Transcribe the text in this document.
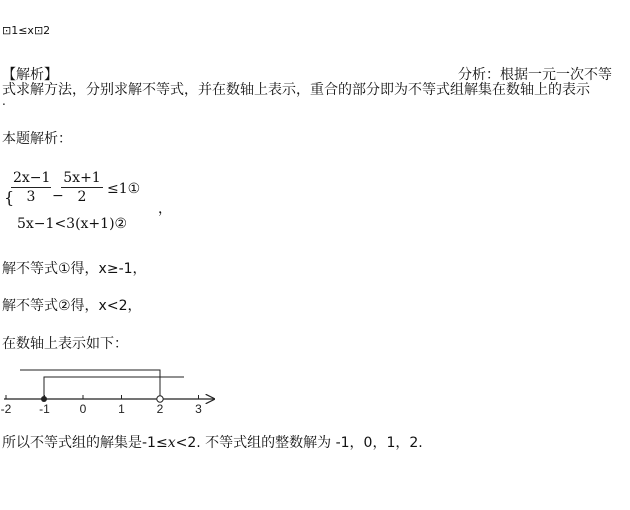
⊡1≤x⊡2
【解析】	分析：根据一元一次不等
式求解方法，分别求解不等式，并在数轴上表示，重合的部分即为不等式组解集在数轴上的表示
.
本题解析：
{
2x−1
3	−
5x+1
2	≤1①
5x−1<3(x+1)②
，
解不等式①得，x≥-1，
解不等式②得，x<2，
在数轴上表示如下：
-2 -1 0	1	2	3
所以不等式组的解集是-1≤x<2. 不等式组的整数解为 -1，0，1，2.
